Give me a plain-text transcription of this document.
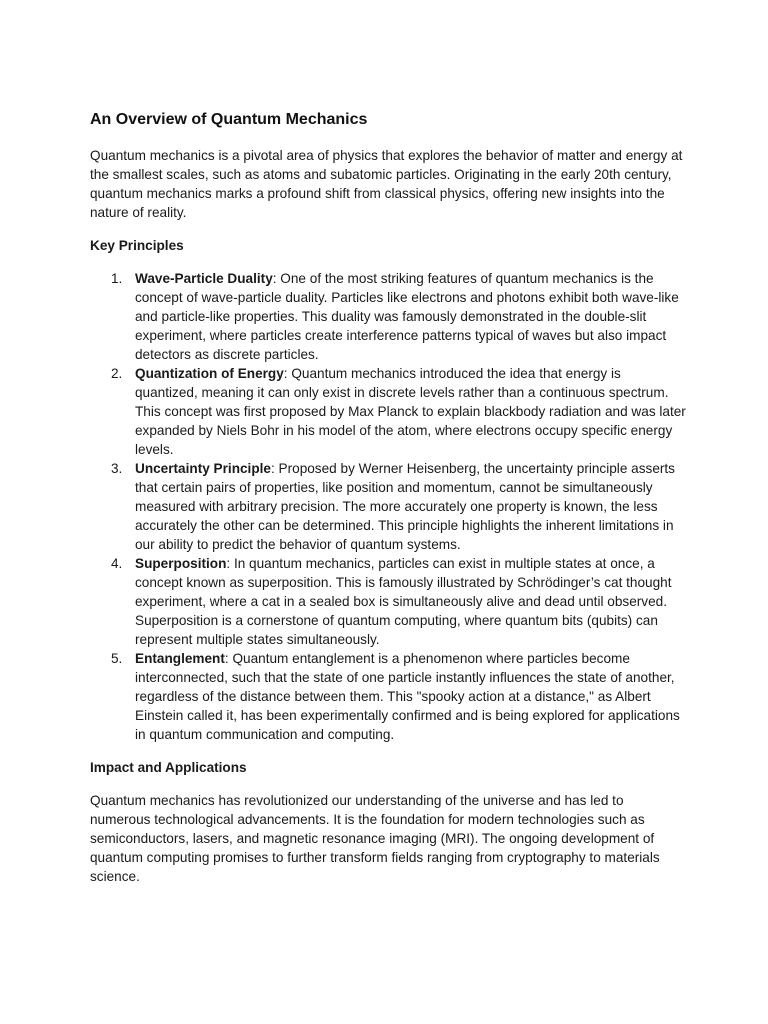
An Overview of Quantum Mechanics

Quantum mechanics is a pivotal area of physics that explores the behavior of matter and energy at the smallest scales, such as atoms and subatomic particles. Originating in the early 20th century, quantum mechanics marks a profound shift from classical physics, offering new insights into the nature of reality.

Key Principles
1. Wave-Particle Duality: One of the most striking features of quantum mechanics is the concept of wave-particle duality. Particles like electrons and photons exhibit both wave-like and particle-like properties. This duality was famously demonstrated in the double-slit experiment, where particles create interference patterns typical of waves but also impact detectors as discrete particles.
2. Quantization of Energy: Quantum mechanics introduced the idea that energy is quantized, meaning it can only exist in discrete levels rather than a continuous spectrum. This concept was first proposed by Max Planck to explain blackbody radiation and was later expanded by Niels Bohr in his model of the atom, where electrons occupy specific energy levels.
3. Uncertainty Principle: Proposed by Werner Heisenberg, the uncertainty principle asserts that certain pairs of properties, like position and momentum, cannot be simultaneously measured with arbitrary precision. The more accurately one property is known, the less accurately the other can be determined. This principle highlights the inherent limitations in our ability to predict the behavior of quantum systems.
4. Superposition: In quantum mechanics, particles can exist in multiple states at once, a concept known as superposition. This is famously illustrated by Schrödinger’s cat thought experiment, where a cat in a sealed box is simultaneously alive and dead until observed. Superposition is a cornerstone of quantum computing, where quantum bits (qubits) can represent multiple states simultaneously.
5. Entanglement: Quantum entanglement is a phenomenon where particles become interconnected, such that the state of one particle instantly influences the state of another, regardless of the distance between them. This "spooky action at a distance," as Albert Einstein called it, has been experimentally confirmed and is being explored for applications in quantum communication and computing.
Impact and Applications

Quantum mechanics has revolutionized our understanding of the universe and has led to numerous technological advancements. It is the foundation for modern technologies such as semiconductors, lasers, and magnetic resonance imaging (MRI). The ongoing development of quantum computing promises to further transform fields ranging from cryptography to materials science.
